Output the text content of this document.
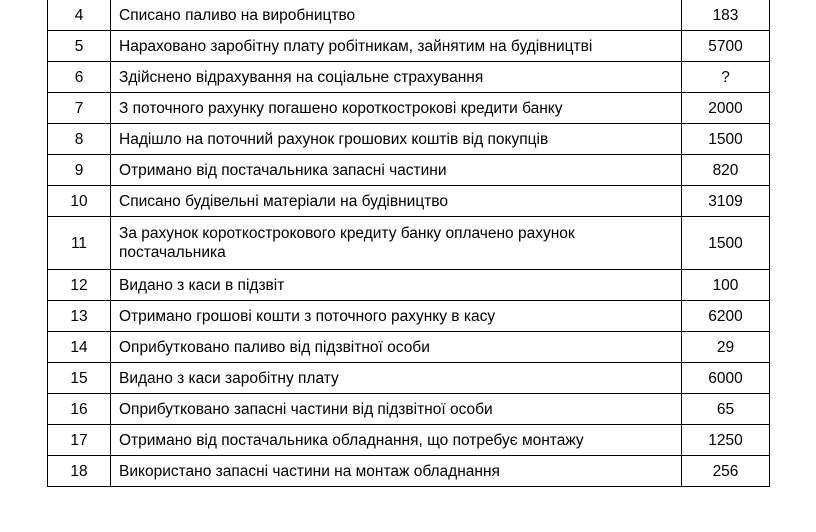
4	Списано паливо на виробництво	183
5	Нараховано заробітну плату робітникам, зайнятим на будівництві	5700
6	Здійснено відрахування на соціальне страхування	?
7	З поточного рахунку погашено короткострокові кредити банку	2000
8	Надішло на поточний рахунок грошових коштів від покупців	1500
9	Отримано від постачальника запасні частини	820
10	Списано будівельні матеріали на будівництво	3109
11	За рахунок короткострокового кредиту банку оплачено рахунок постачальника	1500
12	Видано з каси в підзвіт	100
13	Отримано грошові кошти з поточного рахунку в касу	6200
14	Оприбутковано паливо від підзвітної особи	29
15	Видано з каси заробітну плату	6000
16	Оприбутковано запасні частини від підзвітної особи	65
17	Отримано від постачальника обладнання, що потребує монтажу	1250
18	Використано запасні частини на монтаж обладнання	256
